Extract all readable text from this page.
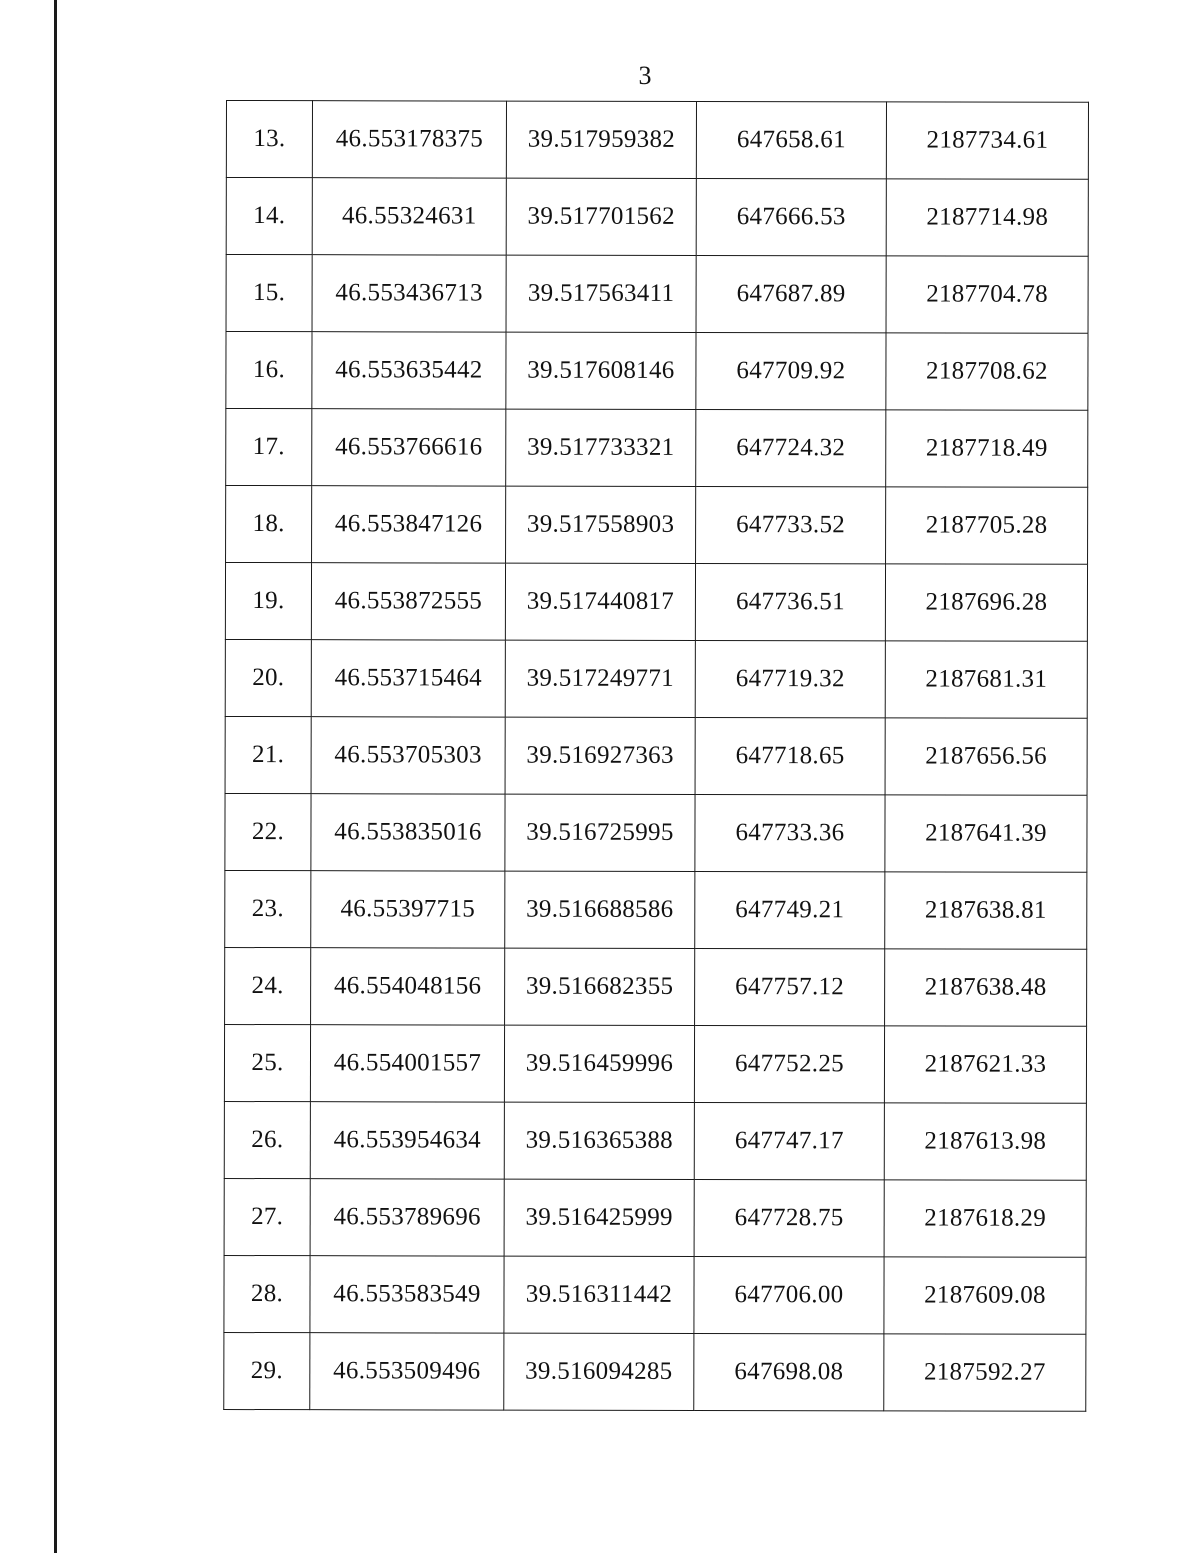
3
13.	46.553178375	39.517959382	647658.61	2187734.61
14.	46.55324631	39.517701562	647666.53	2187714.98
15.	46.553436713	39.517563411	647687.89	2187704.78
16.	46.553635442	39.517608146	647709.92	2187708.62
17.	46.553766616	39.517733321	647724.32	2187718.49
18.	46.553847126	39.517558903	647733.52	2187705.28
19.	46.553872555	39.517440817	647736.51	2187696.28
20.	46.553715464	39.517249771	647719.32	2187681.31
21.	46.553705303	39.516927363	647718.65	2187656.56
22.	46.553835016	39.516725995	647733.36	2187641.39
23.	46.55397715	39.516688586	647749.21	2187638.81
24.	46.554048156	39.516682355	647757.12	2187638.48
25.	46.554001557	39.516459996	647752.25	2187621.33
26.	46.553954634	39.516365388	647747.17	2187613.98
27.	46.553789696	39.516425999	647728.75	2187618.29
28.	46.553583549	39.516311442	647706.00	2187609.08
29.	46.553509496	39.516094285	647698.08	2187592.27
